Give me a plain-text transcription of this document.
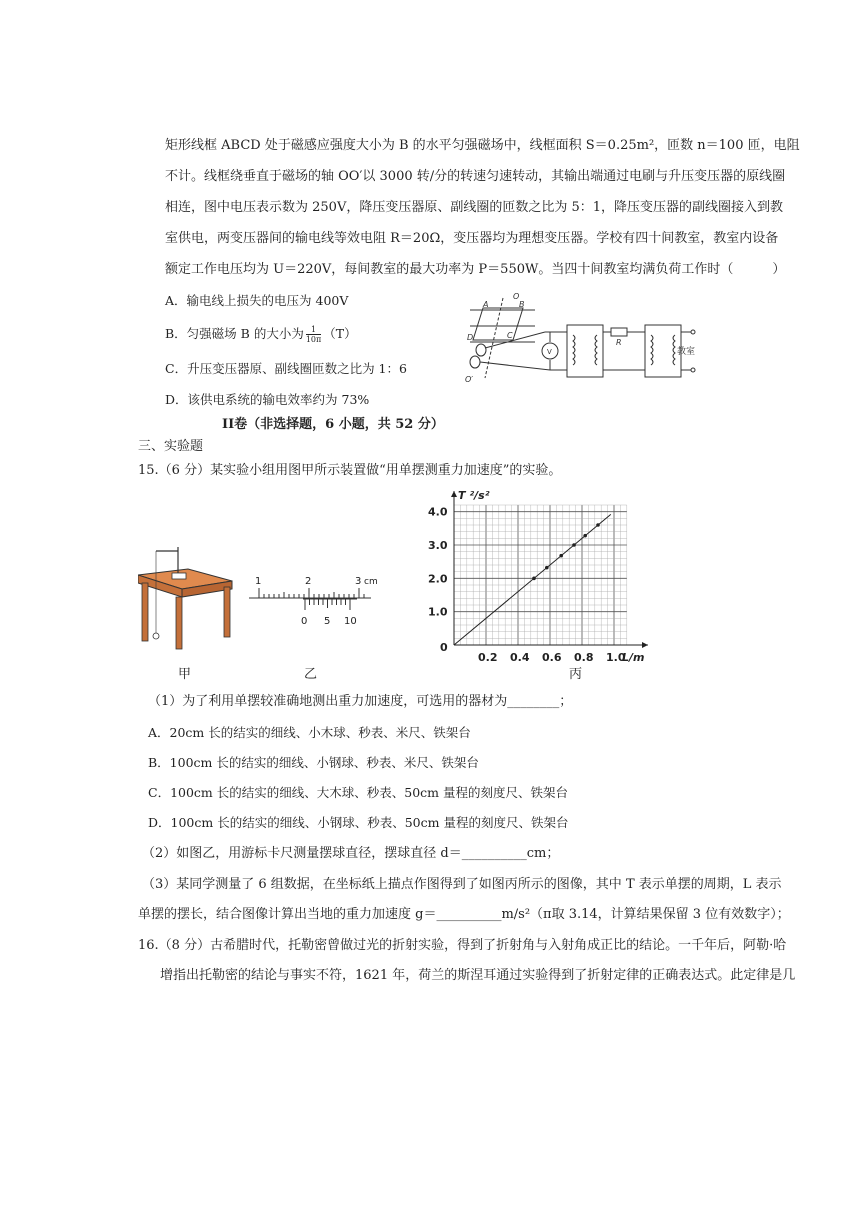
矩形线框 ABCD 处于磁感应强度大小为 B 的水平匀强磁场中，线框面积 S＝0.25m²，匝数 n＝100 匝，电阻
不计。线框绕垂直于磁场的轴 OO′以 3000 转/分的转速匀速转动，其输出端通过电刷与升压变压器的原线圈
相连，图中电压表示数为 250V，降压变压器原、副线圈的匝数之比为 5：1，降压变压器的副线圈接入到教
室供电，两变压器间的输电线等效电阻 R＝20Ω，变压器均为理想变压器。学校有四十间教室，教室内设备
额定工作电压均为 U＝220V，每间教室的最大功率为 P＝550W。当四十间教室均满负荷工作时（　　　）
A．输电线上损失的电压为 400V
B．匀强磁场 B 的大小为 $\frac{1}{10\pi} (T)$
C．升压变压器原、副线圈匝数之比为 1：6
D．该供电系统的输电效率约为 73%
O
A	B
D	C
V
R
O′
教室
II卷（非选择题，6 小题，共 52 分）
三、实验题
15.（6 分）某实验小组用图甲所示装置做“用单摆测重力加速度”的实验。
甲
1	2	3 cm
0 5 10
乙
0.2 0.4 0.6 0.8 1.0
1.0
2.0
3.0
4.0
0
T ²/s²
L/m
丙
（1）为了利用单摆较准确地测出重力加速度，可选用的器材为________；
A．20cm 长的结实的细线、小木球、秒表、米尺、铁架台
B．100cm 长的结实的细线、小钢球、秒表、米尺、铁架台
C．100cm 长的结实的细线、大木球、秒表、50cm 量程的刻度尺、铁架台
D．100cm 长的结实的细线、小钢球、秒表、50cm 量程的刻度尺、铁架台
（2）如图乙，用游标卡尺测量摆球直径，摆球直径 d＝__________cm；
（3）某同学测量了 6 组数据，在坐标纸上描点作图得到了如图丙所示的图像，其中 T 表示单摆的周期，L 表示
单摆的摆长，结合图像计算出当地的重力加速度 g＝__________m/s²（π取 3.14，计算结果保留 3 位有效数字）；
16.（8 分）古希腊时代，托勒密曾做过光的折射实验，得到了折射角与入射角成正比的结论。一千年后，阿勒·哈
增指出托勒密的结论与事实不符，1621 年，荷兰的斯涅耳通过实验得到了折射定律的正确表达式。此定律是几
